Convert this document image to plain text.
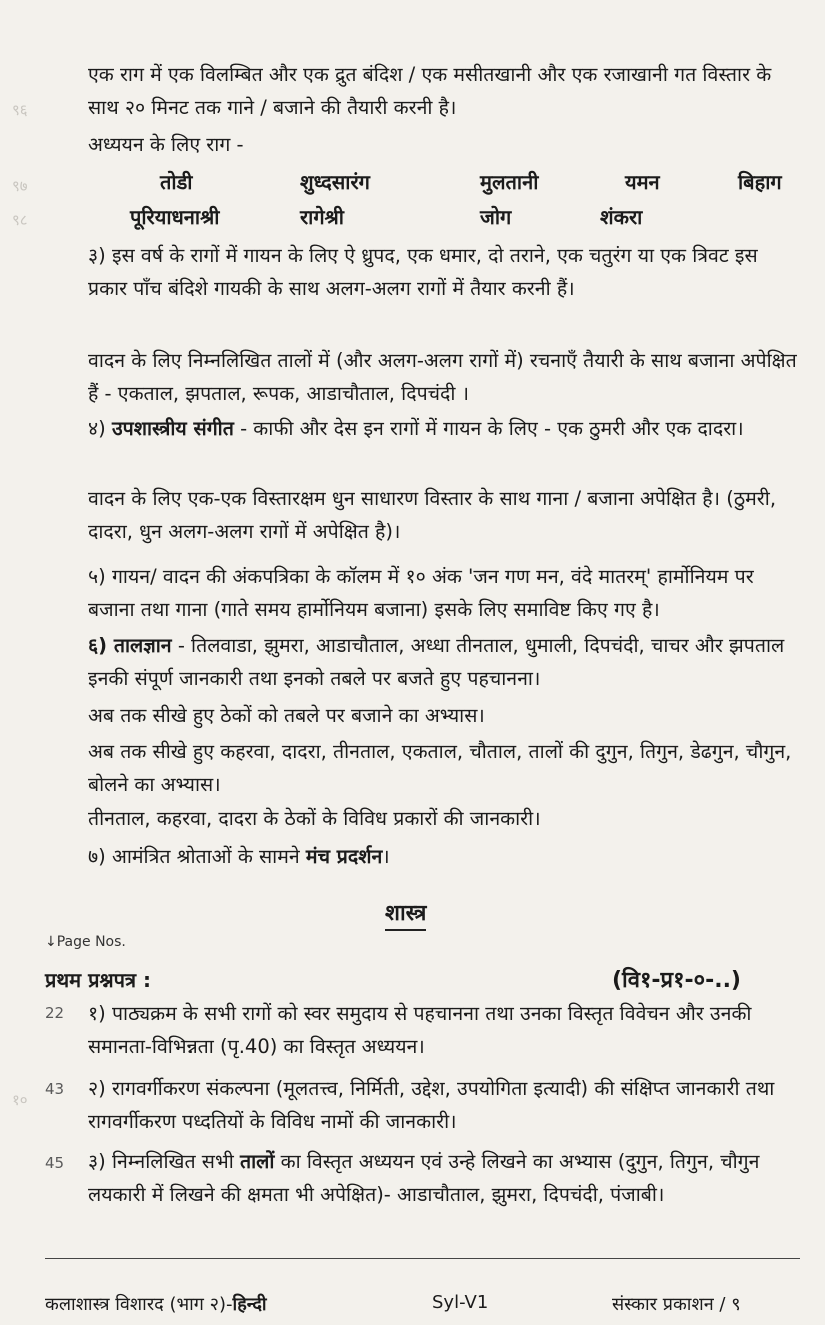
९६
९७
९८
१०

एक राग में एक विलम्बित और एक द्रुत बंदिश / एक मसीतखानी और एक रजाखानी गत विस्तार के साथ २० मिनट तक गाने / बजाने की तैयारी करनी है।

अध्ययन के लिए राग -
तोडी	शुध्दसारंग	मुलतानी	यमन	बिहाग
पूरियाधनाश्री	रागेश्री	जोग	शंकरा

३) इस वर्ष के रागों में गायन के लिए ऐ ध्रुपद, एक धमार, दो तराने, एक चतुरंग या एक त्रिवट इस प्रकार पाँच बंदिशे गायकी के साथ अलग-अलग रागों में तैयार करनी हैं।

वादन के लिए निम्नलिखित तालों में (और अलग-अलग रागों में) रचनाएँ तैयारी के साथ बजाना अपेक्षित हैं - एकताल, झपताल, रूपक, आडाचौताल, दिपचंदी ।

४) उपशास्त्रीय संगीत - काफी और देस इन रागों में गायन के लिए - एक ठुमरी और एक दादरा।

वादन के लिए एक-एक विस्तारक्षम धुन साधारण विस्तार के साथ गाना / बजाना अपेक्षित है। (ठुमरी, दादरा, धुन अलग-अलग रागों में अपेक्षित है)।

५) गायन/ वादन की अंकपत्रिका के कॉलम में १० अंक 'जन गण मन, वंदे मातरम्' हार्मोनियम पर बजाना तथा गाना (गाते समय हार्मोनियम बजाना) इसके लिए समाविष्ट किए गए है।

६) तालज्ञान - तिलवाडा, झुमरा, आडाचौताल, अध्धा तीनताल, धुमाली, दिपचंदी, चाचर और झपताल इनकी संपूर्ण जानकारी तथा इनको तबले पर बजते हुए पहचानना।

अब तक सीखे हुए ठेकों को तबले पर बजाने का अभ्यास।

अब तक सीखे हुए कहरवा, दादरा, तीनताल, एकताल, चौताल, तालों की दुगुन, तिगुन, डेढगुन, चौगुन, बोलने का अभ्यास।

तीनताल, कहरवा, दादरा के ठेकों के विविध प्रकारों की जानकारी।

७) आमंत्रित श्रोताओं के सामने मंच प्रदर्शन।

शास्त्र
↓Page Nos.
प्रथम प्रश्नपत्र :	(वि१-प्र१-०-..)
22 १) पाठ्यक्रम के सभी रागों को स्वर समुदाय से पहचानना तथा उनका विस्तृत विवेचन और उनकी समानता-विभिन्नता (पृ.40) का विस्तृत अध्ययन।

43 २) रागवर्गीकरण संकल्पना (मूलतत्त्व, निर्मिती, उद्देश, उपयोगिता इत्यादी) की संक्षिप्त जानकारी तथा रागवर्गीकरण पध्दतियों के विविध नामों की जानकारी।

45 ३) निम्नलिखित सभी तालों का विस्तृत अध्ययन एवं उन्हे लिखने का अभ्यास (दुगुन, तिगुन, चौगुन लयकारी में लिखने की क्षमता भी अपेक्षित)- आडाचौताल, झुमरा, दिपचंदी, पंजाबी।

कलाशास्त्र विशारद (भाग २)-हिन्दी	Syl-V1	संस्कार प्रकाशन / ९
